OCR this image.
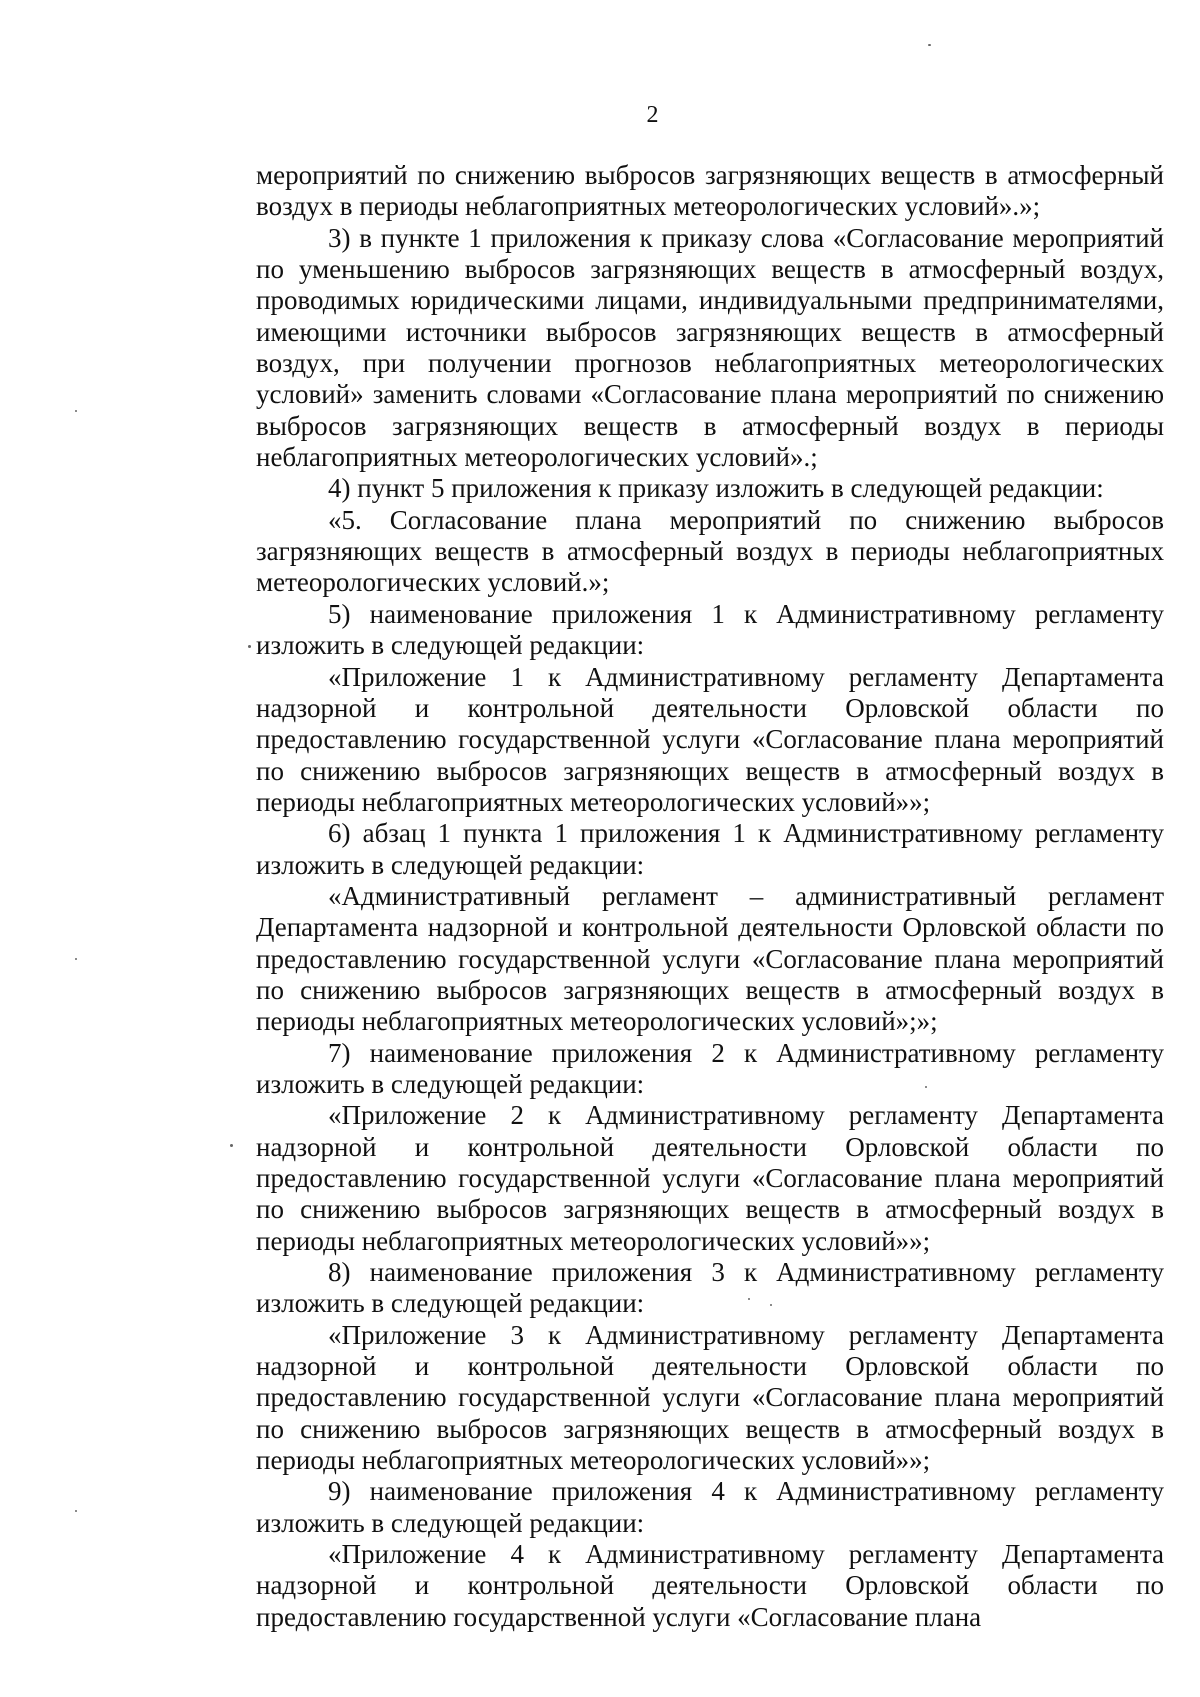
2

мероприятий по снижению выбросов загрязняющих веществ в атмосферный воздух в периоды неблагоприятных метеорологических условий».»;

3) в пункте 1 приложения к приказу слова «Согласование мероприятий по уменьшению выбросов загрязняющих веществ в атмосферный воздух, проводимых юридическими лицами, индивидуальными предпринимателями, имеющими источники выбросов загрязняющих веществ в атмосферный воздух, при получении прогнозов неблагоприятных метеорологических условий» заменить словами «Согласование плана мероприятий по снижению выбросов загрязняющих веществ в атмосферный воздух в периоды неблагоприятных метеорологических условий».;

4) пункт 5 приложения к приказу изложить в следующей редакции:

«5. Согласование плана мероприятий по снижению выбросов загрязняющих веществ в атмосферный воздух в периоды неблагоприятных метеорологических условий.»;

5) наименование приложения 1 к Административному регламенту изложить в следующей редакции:

«Приложение 1 к Административному регламенту Департамента надзорной и контрольной деятельности Орловской области по предоставлению государственной услуги «Согласование плана мероприятий по снижению выбросов загрязняющих веществ в атмосферный воздух в периоды неблагоприятных метеорологических условий»»;

6) абзац 1 пункта 1 приложения 1 к Административному регламенту изложить в следующей редакции:

«Административный регламент – административный регламент Департамента надзорной и контрольной деятельности Орловской области по предоставлению государственной услуги «Согласование плана мероприятий по снижению выбросов загрязняющих веществ в атмосферный воздух в периоды неблагоприятных метеорологических условий»;»;

7) наименование приложения 2 к Административному регламенту изложить в следующей редакции:

«Приложение 2 к Административному регламенту Департамента надзорной и контрольной деятельности Орловской области по предоставлению государственной услуги «Согласование плана мероприятий по снижению выбросов загрязняющих веществ в атмосферный воздух в периоды неблагоприятных метеорологических условий»»;

8) наименование приложения 3 к Административному регламенту изложить в следующей редакции:

«Приложение 3 к Административному регламенту Департамента надзорной и контрольной деятельности Орловской области по предоставлению государственной услуги «Согласование плана мероприятий по снижению выбросов загрязняющих веществ в атмосферный воздух в периоды неблагоприятных метеорологических условий»»;

9) наименование приложения 4 к Административному регламенту изложить в следующей редакции:

«Приложение 4 к Административному регламенту Департамента надзорной и контрольной деятельности Орловской области по предоставлению государственной услуги «Согласование плана
